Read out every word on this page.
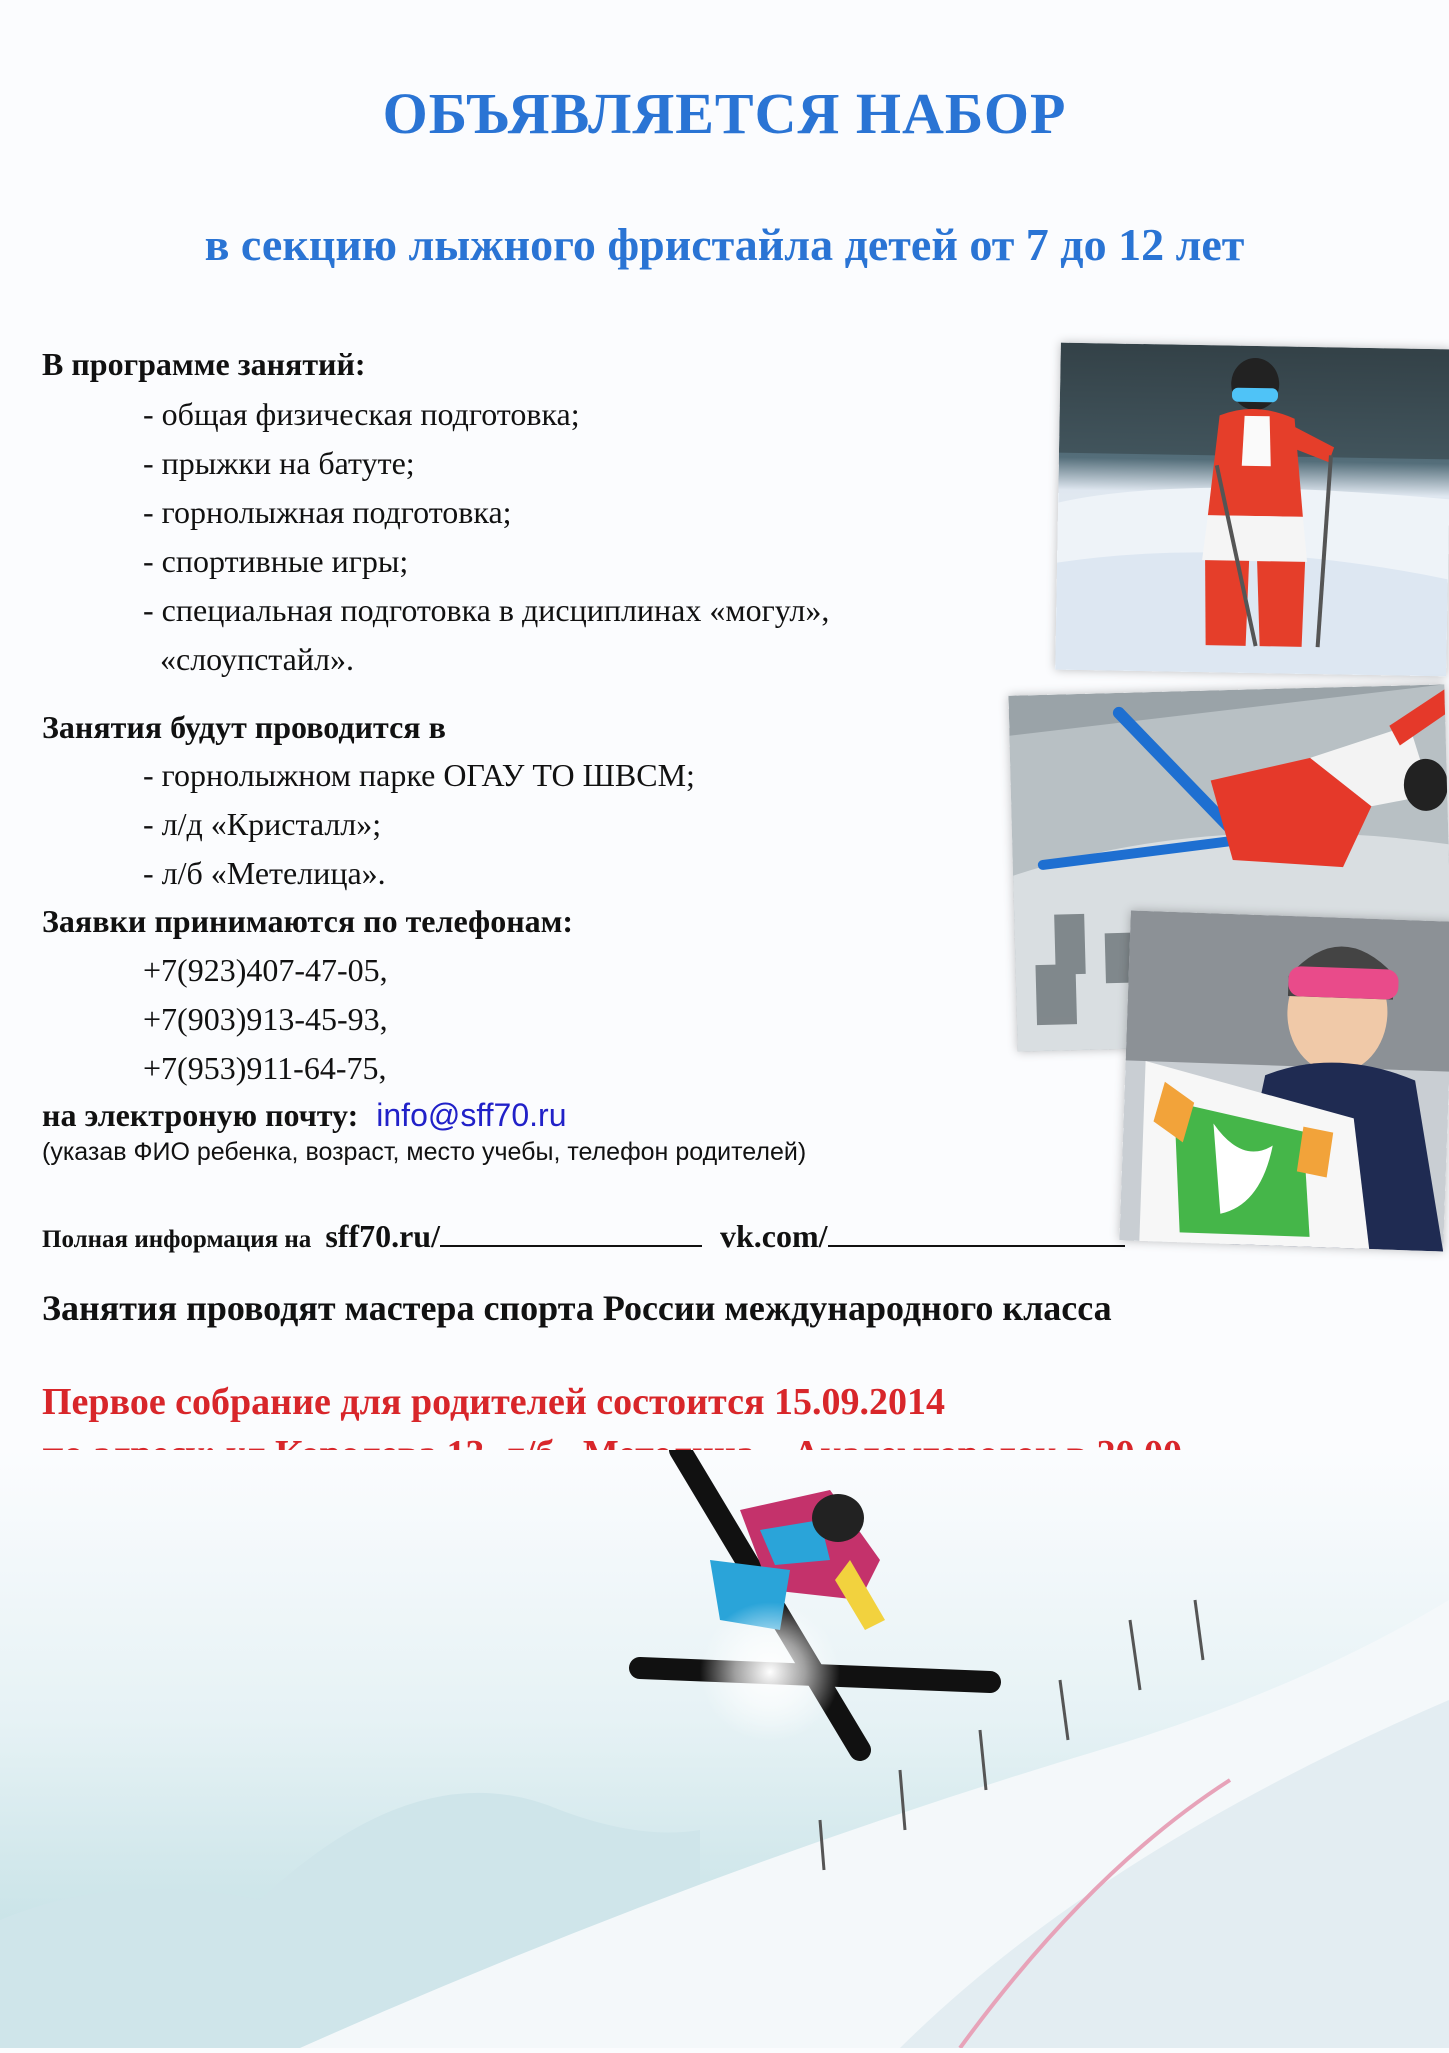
ОБЪЯВЛЯЕТСЯ НАБОР
в секцию лыжного фристайла детей от 7 до 12 лет
В программе занятий:
- общая физическая подготовка;
- прыжки на батуте;
- горнолыжная подготовка;
- спортивные игры;
- специальная подготовка в дисциплинах «могул»,
«слоупстайл».
Занятия будут проводится в
- горнолыжном парке ОГАУ ТО ШВСМ;
- л/д «Кристалл»;
- л/б «Метелица».
Заявки принимаются по телефонам:
+7(923)407-47-05,
+7(903)913-45-93,
+7(953)911-64-75,
на электроную почту: info@sff70.ru
(указав ФИО ребенка, возраст, место учебы, телефон родителей)
Полная информация на sff70.ru/	vk.com/
Занятия проводят мастера спорта России международного класса
Первое собрание для родителей состоится 15.09.2014
